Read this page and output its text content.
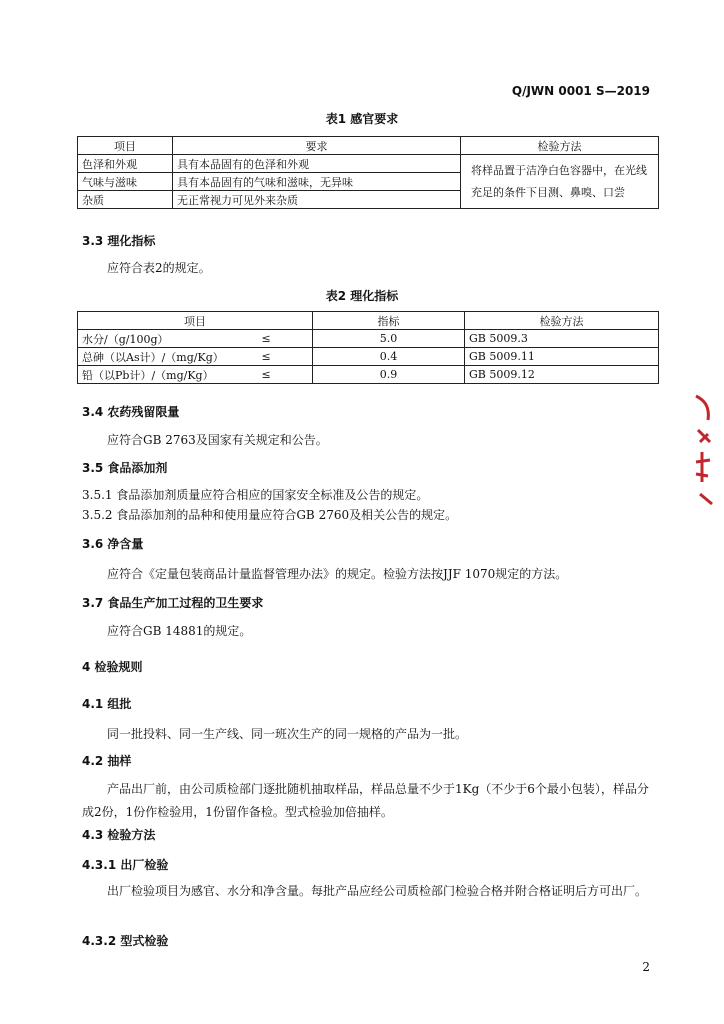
Q/JWN 0001 S—2019
表1 感官要求
项目	要求	检验方法
色泽和外观	具有本品固有的色泽和外观	将样品置于洁净白色容器中，在光线充足的条件下目测、鼻嗅、口尝
气味与滋味	具有本品固有的气味和滋味，无异味	
杂质	无正常视力可见外来杂质	
3.3 理化指标
应符合表2的规定。
表2 理化指标
项目		指标	检验方法
水分/（g/100g）	≤	5.0	GB 5009.3
总砷（以As计）/（mg/Kg）	≤	0.4	GB 5009.11
铅（以Pb计）/（mg/Kg）	≤	0.9	GB 5009.12
3.4 农药残留限量
应符合GB 2763及国家有关规定和公告。
3.5 食品添加剂
3.5.1 食品添加剂质量应符合相应的国家安全标准及公告的规定。
3.5.2 食品添加剂的品种和使用量应符合GB 2760及相关公告的规定。
3.6 净含量
应符合《定量包装商品计量监督管理办法》的规定。检验方法按JJF 1070规定的方法。
3.7 食品生产加工过程的卫生要求
应符合GB 14881的规定。
4 检验规则
4.1 组批
同一批投料、同一生产线、同一班次生产的同一规格的产品为一批。
4.2 抽样
产品出厂前，由公司质检部门逐批随机抽取样品，样品总量不少于1Kg（不少于6个最小包装），样品分成2份，1份作检验用，1份留作备检。型式检验加倍抽样。
4.3 检验方法
4.3.1 出厂检验
出厂检验项目为感官、水分和净含量。每批产品应经公司质检部门检验合格并附合格证明后方可出厂。
4.3.2 型式检验
2
